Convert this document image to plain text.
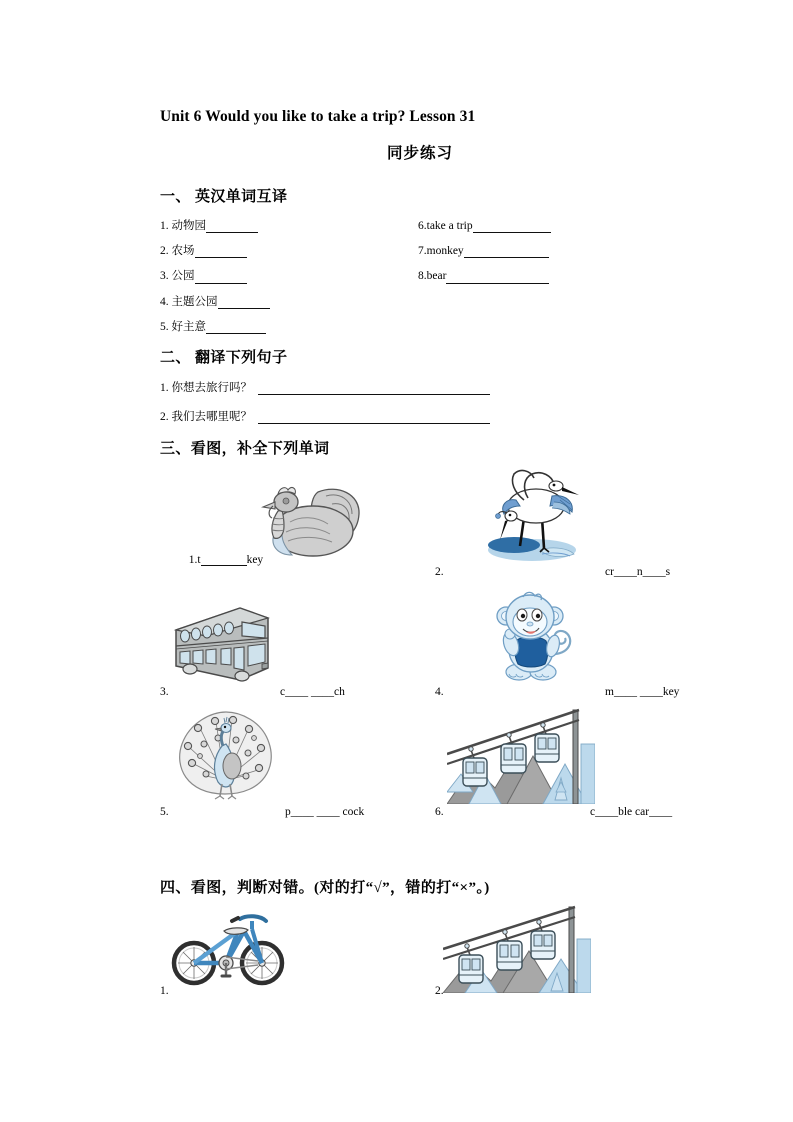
Unit 6 Would you like to take a trip? Lesson 31
同步练习
一、 英汉单词互译
1. 动物园	6.take a trip
2. 农场	7.monkey
3. 公园	8.bear
4. 主题公园
5. 好主意
二、 翻译下列句子
1. 你想去旅行吗？
2. 我们去哪里呢？
三、看图，补全下列单词

1.t	key

2.	cr____n____s
3.	c____ ____ch	4.	m____ ____key
5.	p____ ____ cock	6.	c____ble car____
四、看图，判断对错。(对的打“√”，错的打“×”。)
1.	2.
